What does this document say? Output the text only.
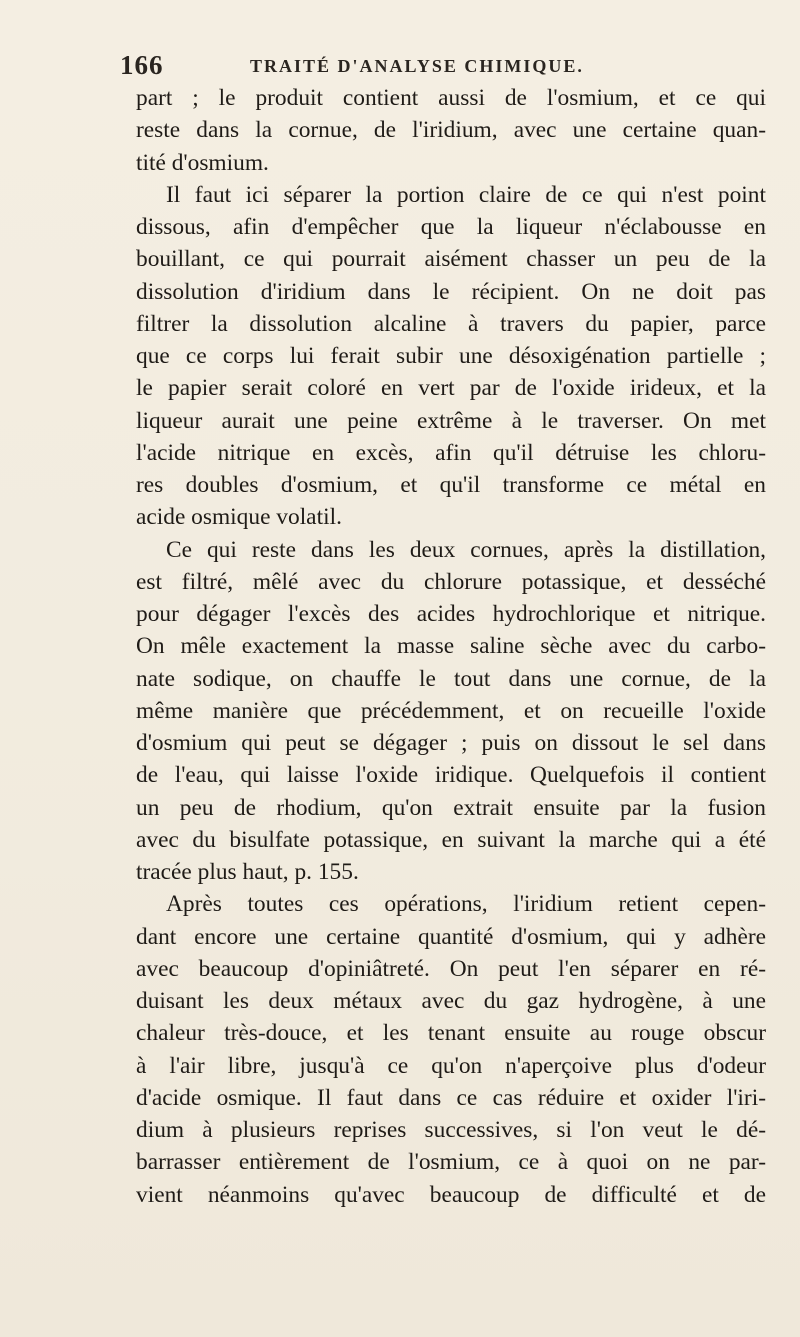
166	TRAITÉ D'ANALYSE CHIMIQUE.
part ; le produit contient aussi de l'osmium, et ce qui
reste dans la cornue, de l'iridium, avec une certaine quan-
tité d'osmium.
Il faut ici séparer la portion claire de ce qui n'est point
dissous, afin d'empêcher que la liqueur n'éclabousse en
bouillant, ce qui pourrait aisément chasser un peu de la
dissolution d'iridium dans le récipient. On ne doit pas
filtrer la dissolution alcaline à travers du papier, parce
que ce corps lui ferait subir une désoxigénation partielle ;
le papier serait coloré en vert par de l'oxide irideux, et la
liqueur aurait une peine extrême à le traverser. On met
l'acide nitrique en excès, afin qu'il détruise les chloru-
res doubles d'osmium, et qu'il transforme ce métal en
acide osmique volatil.
Ce qui reste dans les deux cornues, après la distillation,
est filtré, mêlé avec du chlorure potassique, et desséché
pour dégager l'excès des acides hydrochlorique et nitrique.
On mêle exactement la masse saline sèche avec du carbo-
nate sodique, on chauffe le tout dans une cornue, de la
même manière que précédemment, et on recueille l'oxide
d'osmium qui peut se dégager ; puis on dissout le sel dans
de l'eau, qui laisse l'oxide iridique. Quelquefois il contient
un peu de rhodium, qu'on extrait ensuite par la fusion
avec du bisulfate potassique, en suivant la marche qui a été
tracée plus haut, p. 155.
Après toutes ces opérations, l'iridium retient cepen-
dant encore une certaine quantité d'osmium, qui y adhère
avec beaucoup d'opiniâtreté. On peut l'en séparer en ré-
duisant les deux métaux avec du gaz hydrogène, à une
chaleur très-douce, et les tenant ensuite au rouge obscur
à l'air libre, jusqu'à ce qu'on n'aperçoive plus d'odeur
d'acide osmique. Il faut dans ce cas réduire et oxider l'iri-
dium à plusieurs reprises successives, si l'on veut le dé-
barrasser entièrement de l'osmium, ce à quoi on ne par-
vient néanmoins qu'avec beaucoup de difficulté et de
